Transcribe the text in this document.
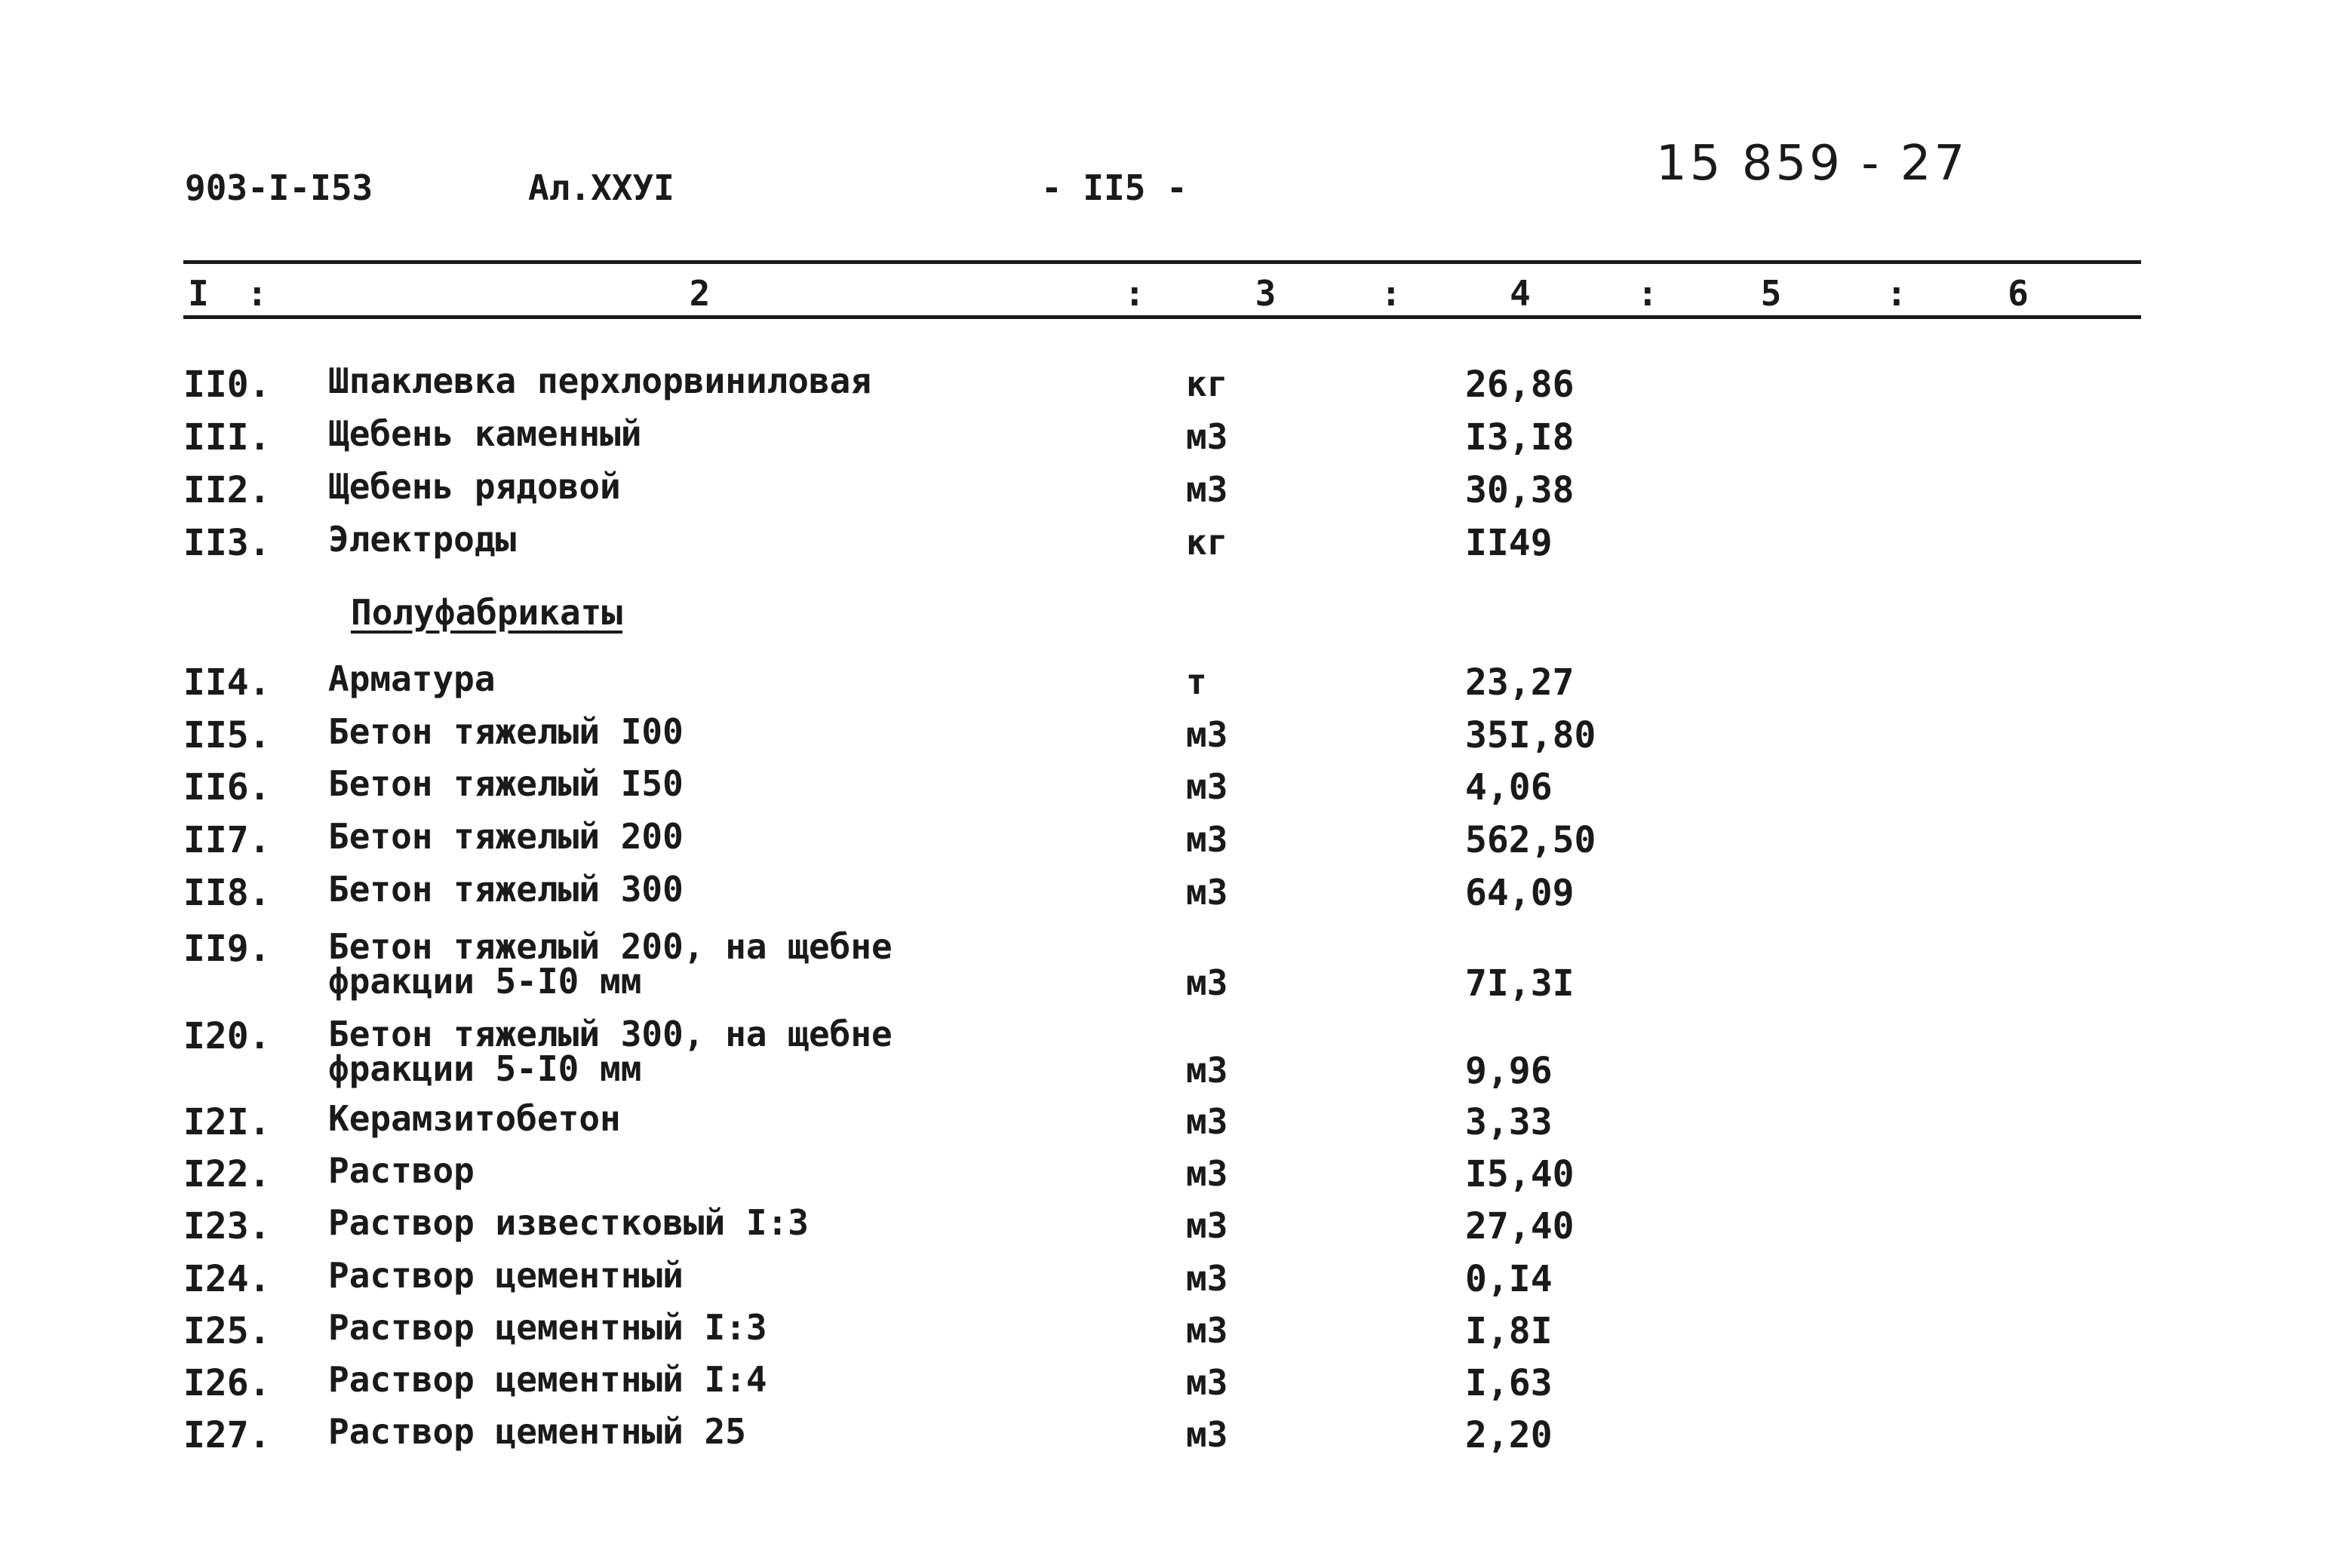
903-I-I53	Ал.XXУI	- II5 -	15 859 - 27
I :	2	:	3	:	4	:	5	:	6
II0. Шпаклевка перхлорвиниловая	кг	26,86
III. Щебень каменный	м3	I3,I8
II2. Щебень рядовой	м3	30,38
II3. Электроды	кг	II49
Полуфабрикаты
II4. Арматура	т	23,27
II5. Бетон тяжелый I00	м3	35I,80
II6. Бетон тяжелый I50	м3	4,06
II7. Бетон тяжелый 200	м3	562,50
II8. Бетон тяжелый 300	м3	64,09
II9. Бетон тяжелый 200, на щебне
фракции 5-I0 мм	м3	7I,3I
I20. Бетон тяжелый 300, на щебне
фракции 5-I0 мм	м3	9,96
I2I. Керамзитобетон	м3	3,33
I22. Раствор	м3	I5,40
I23. Раствор известковый I:3	м3	27,40
I24. Раствор цементный	м3	0,I4
I25. Раствор цементный I:3	м3	I,8I
I26. Раствор цементный I:4	м3	I,63
I27. Раствор цементный 25	м3	2,20
